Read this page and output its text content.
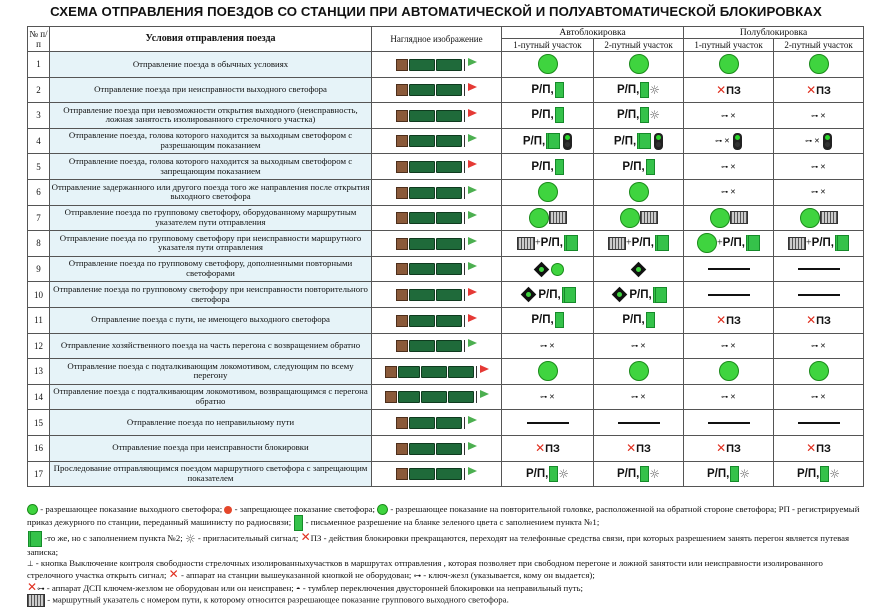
СХЕМА ОТПРАВЛЕНИЯ ПОЕЗДОВ СО СТАНЦИИ ПРИ АВТОМАТИЧЕСКОЙ И ПОЛУАВТОМАТИЧЕСКОЙ БЛОКИРОВКАХ
№ п/п	Условия отправления поезда	Наглядное изображение	Автоблокировка		Полублокировка	
			1-путный участок	2-путный участок	1-путный участок	2-путный участок
1	Отправление поезда в обычных условиях	

2	Отправление поезда при неисправности выходного светофора		Р/П,	Р/П, ☼	✕ПЗ	✕ПЗ
3	Отправление поезда при невозможности открытия выходного (неисправность, ложная занятость изолированного стрелочного участка)		Р/П,	Р/П, ☼	⊶ ✕	⊶ ✕
4	Отправление поезда, голова которого находится за выходным светофором с разрешающим показанием		Р/П,	Р/П,	⊶ ✕	⊶ ✕
5	Отправление поезда, голова которого находится за выходным светофором с запрещающим показанием		Р/П,	Р/П,	⊶ ✕	⊶ ✕
6	Отправление задержанного или другого поезда того же направления после открытия выходного светофора				⊶ ✕	⊶ ✕
7	Отправление поезда по групповому светофору, оборудованному маршрутным указателем пути отправления	

8	Отправление поезда по групповому светофору при неисправности маршрутного указателя пути отправления		+Р/П,	+Р/П,	+Р/П,	+Р/П,
9	Отправление поезда по групповому светофору, дополненными повторными светофорами	

10	Отправление поезда по групповому светофору при неисправности повторительного светофора		Р/П,	Р/П,		
11	Отправление поезда с пути, не имеющего выходного светофора		Р/П,	Р/П,	✕ПЗ	✕ПЗ
12	Отправление хозяйственного поезда на часть перегона с возвращением обратно		⊶ ✕	⊶ ✕	⊶ ✕	⊶ ✕
13	Отправление поезда с подталкивающим локомотивом, следующим по всему перегону	

14	Отправление поезда с подталкивающим локомотивом, возвращающимся с перегона обратно		⊶ ✕	⊶ ✕	⊶ ✕	⊶ ✕
15	Отправление поезда по неправильному пути	

16	Отправление поезда при неисправности блокировки		✕ПЗ	✕ПЗ	✕ПЗ	✕ПЗ
17	Проследование отправляющимся поездом маршрутного светофора с запрещающим показателем		Р/П, ☼	Р/П, ☼	Р/П, ☼	Р/П, ☼

- разрешающее показание выходного светофора; - запрещающее показание светофора; - разрешающее показание на повторительной головке, расположенной на обратной стороне светофора; РП - регистрируемый приказ дежурного по станции, переданный машинисту по радиосвязи; - письменное разрешение на бланке зеленого цвета с заполнением пункта №1;

-то же, но с заполнением пункта №2; ☼ - пригласительный сигнал; ✕ПЗ - действия блокировки прекращаются, переходят на телефонные средства связи, при которых разрешением занять перегон является путевая записка;

⊥ - кнопка Выключение контроля свободности стрелочных изолированныхучастков в маршрутах отправления , которая позволяет при свободном перегоне и ложной занятости или неисправности изолированного стрелочного участка открыть сигнал; ✕ - аппарат на станции вышеуказанной кнопкой не оборудован; ⊶ - ключ-жезл (указывается, кому он выдается);

✕⊶ - аппарат ДСП ключем-жезлом не оборудован или он неисправен; ◓ - тумблер переключения двусторонней блокировки на неправильный путь;

- маршрутный указатель с номером пути, к которому относится разрешающее показание группового выходного светофора.
